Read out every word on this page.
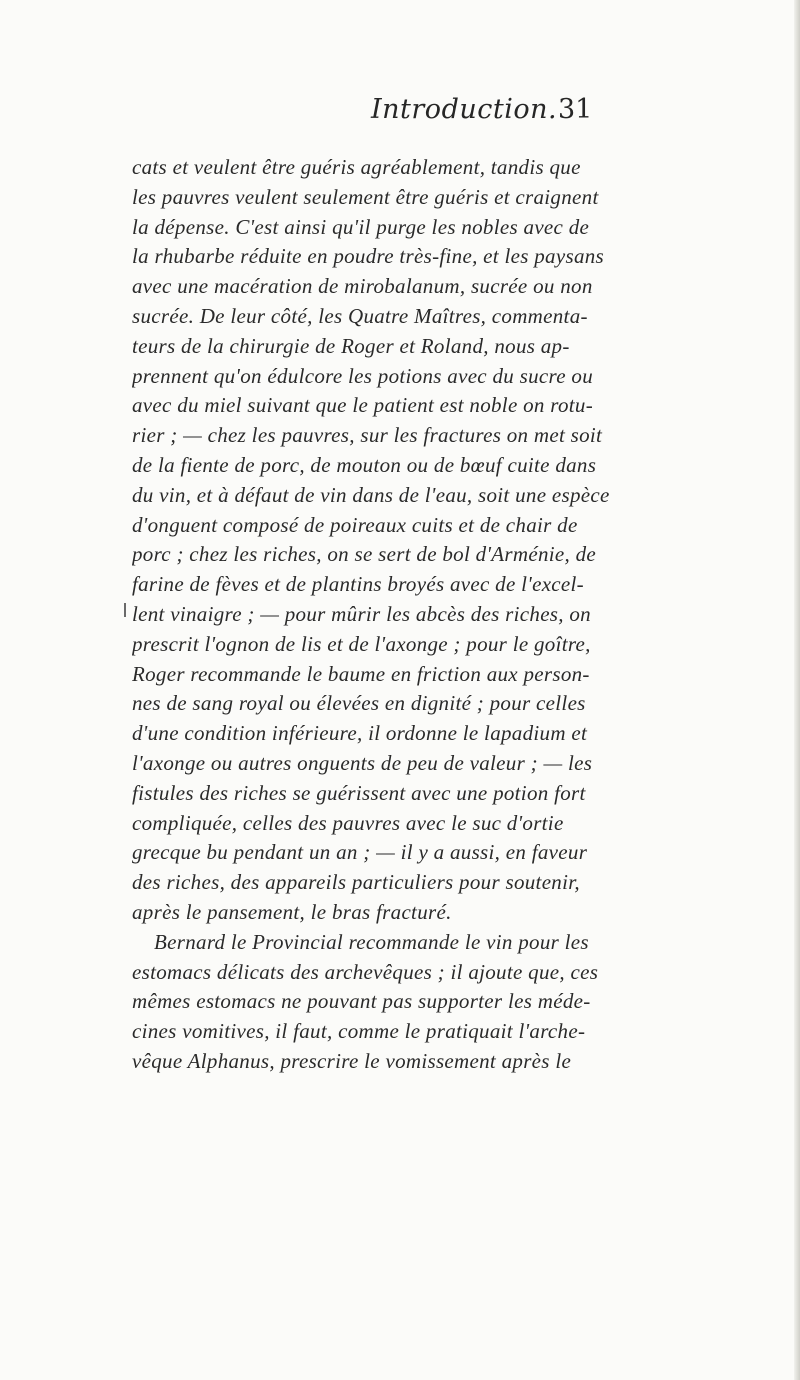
Introduction. 31
cats et veulent être guéris agréablement, tandis que
les pauvres veulent seulement être guéris et craignent
la dépense. C'est ainsi qu'il purge les nobles avec de
la rhubarbe réduite en poudre très-fine, et les paysans
avec une macération de mirobalanum, sucrée ou non
sucrée. De leur côté, les Quatre Maîtres, commenta-
teurs de la chirurgie de Roger et Roland, nous ap-
prennent qu'on édulcore les potions avec du sucre ou
avec du miel suivant que le patient est noble on rotu-
rier ; — chez les pauvres, sur les fractures on met soit
de la fiente de porc, de mouton ou de bœuf cuite dans
du vin, et à défaut de vin dans de l'eau, soit une espèce
d'onguent composé de poireaux cuits et de chair de
porc ; chez les riches, on se sert de bol d'Arménie, de
farine de fèves et de plantins broyés avec de l'excel-
lent vinaigre ; — pour mûrir les abcès des riches, on
prescrit l'ognon de lis et de l'axonge ; pour le goître,
Roger recommande le baume en friction aux person-
nes de sang royal ou élevées en dignité ; pour celles
d'une condition inférieure, il ordonne le lapadium et
l'axonge ou autres onguents de peu de valeur ; — les
fistules des riches se guérissent avec une potion fort
compliquée, celles des pauvres avec le suc d'ortie
grecque bu pendant un an ; — il y a aussi, en faveur
des riches, des appareils particuliers pour soutenir,
après le pansement, le bras fracturé.
Bernard le Provincial recommande le vin pour les
estomacs délicats des archevêques ; il ajoute que, ces
mêmes estomacs ne pouvant pas supporter les méde-
cines vomitives, il faut, comme le pratiquait l'arche-
vêque Alphanus, prescrire le vomissement après le
